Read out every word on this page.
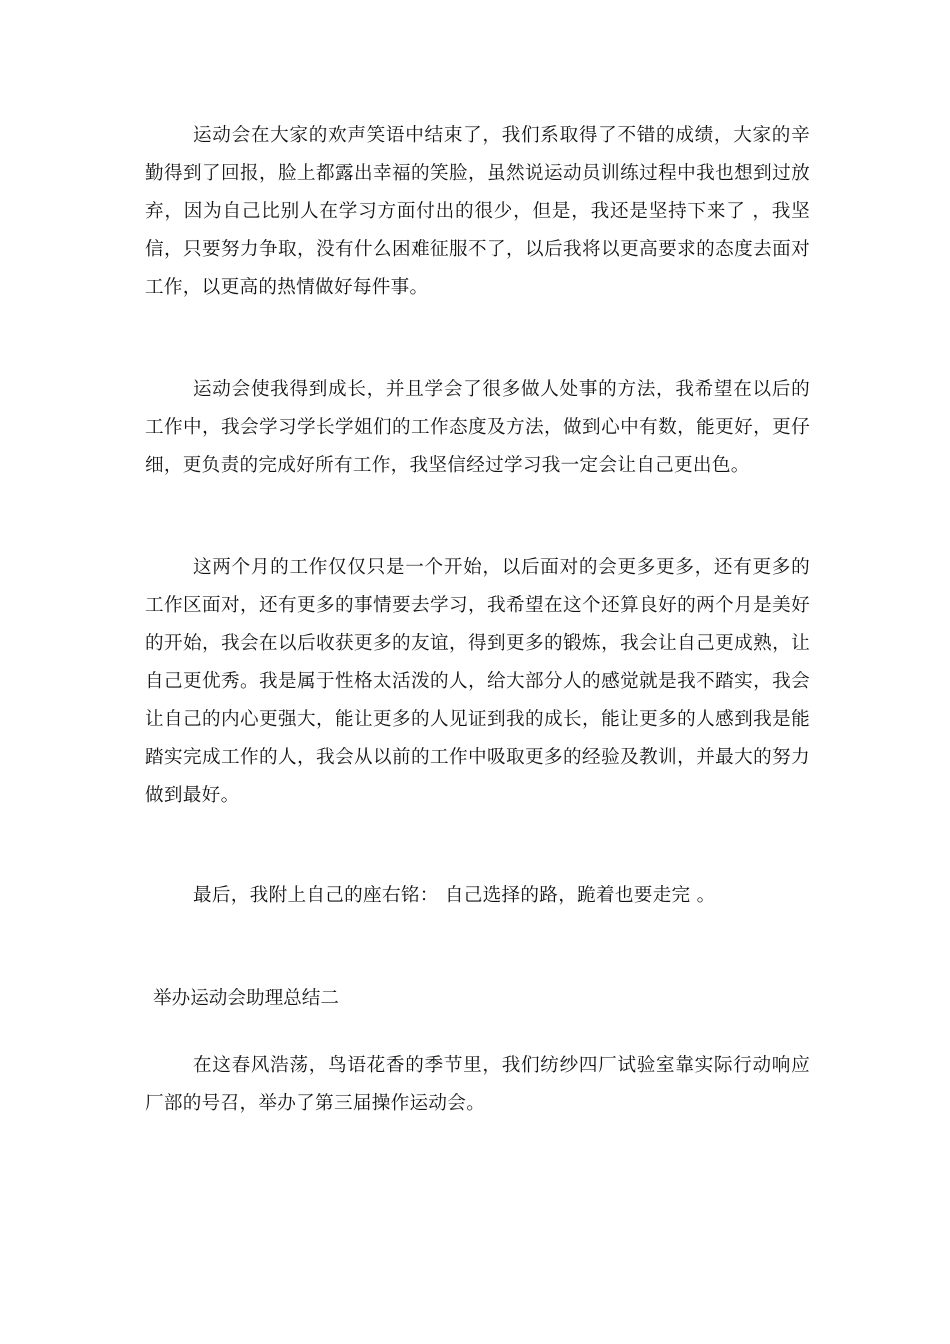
运动会在大家的欢声笑语中结束了，我们系取得了不错的成绩，大家的辛勤得到了回报，脸上都露出幸福的笑脸，虽然说运动员训练过程中我也想到过放弃，因为自己比别人在学习方面付出的很少，但是，我还是坚持下来了 ，我坚信，只要努力争取，没有什么困难征服不了，以后我将以更高要求的态度去面对工作，以更高的热情做好每件事。

运动会使我得到成长，并且学会了很多做人处事的方法，我希望在以后的工作中，我会学习学长学姐们的工作态度及方法，做到心中有数，能更好，更仔细，更负责的完成好所有工作，我坚信经过学习我一定会让自己更出色。

这两个月的工作仅仅只是一个开始，以后面对的会更多更多，还有更多的工作区面对，还有更多的事情要去学习，我希望在这个还算良好的两个月是美好的开始，我会在以后收获更多的友谊，得到更多的锻炼，我会让自己更成熟，让自己更优秀。我是属于性格太活泼的人，给大部分人的感觉就是我不踏实，我会让自己的内心更强大，能让更多的人见证到我的成长，能让更多的人感到我是能踏实完成工作的人，我会从以前的工作中吸取更多的经验及教训，并最大的努力做到最好。

最后，我附上自己的座右铭： 自己选择的路，跪着也要走完 。

举办运动会助理总结二

在这春风浩荡，鸟语花香的季节里，我们纺纱四厂试验室靠实际行动响应厂部的号召，举办了第三届操作运动会。
